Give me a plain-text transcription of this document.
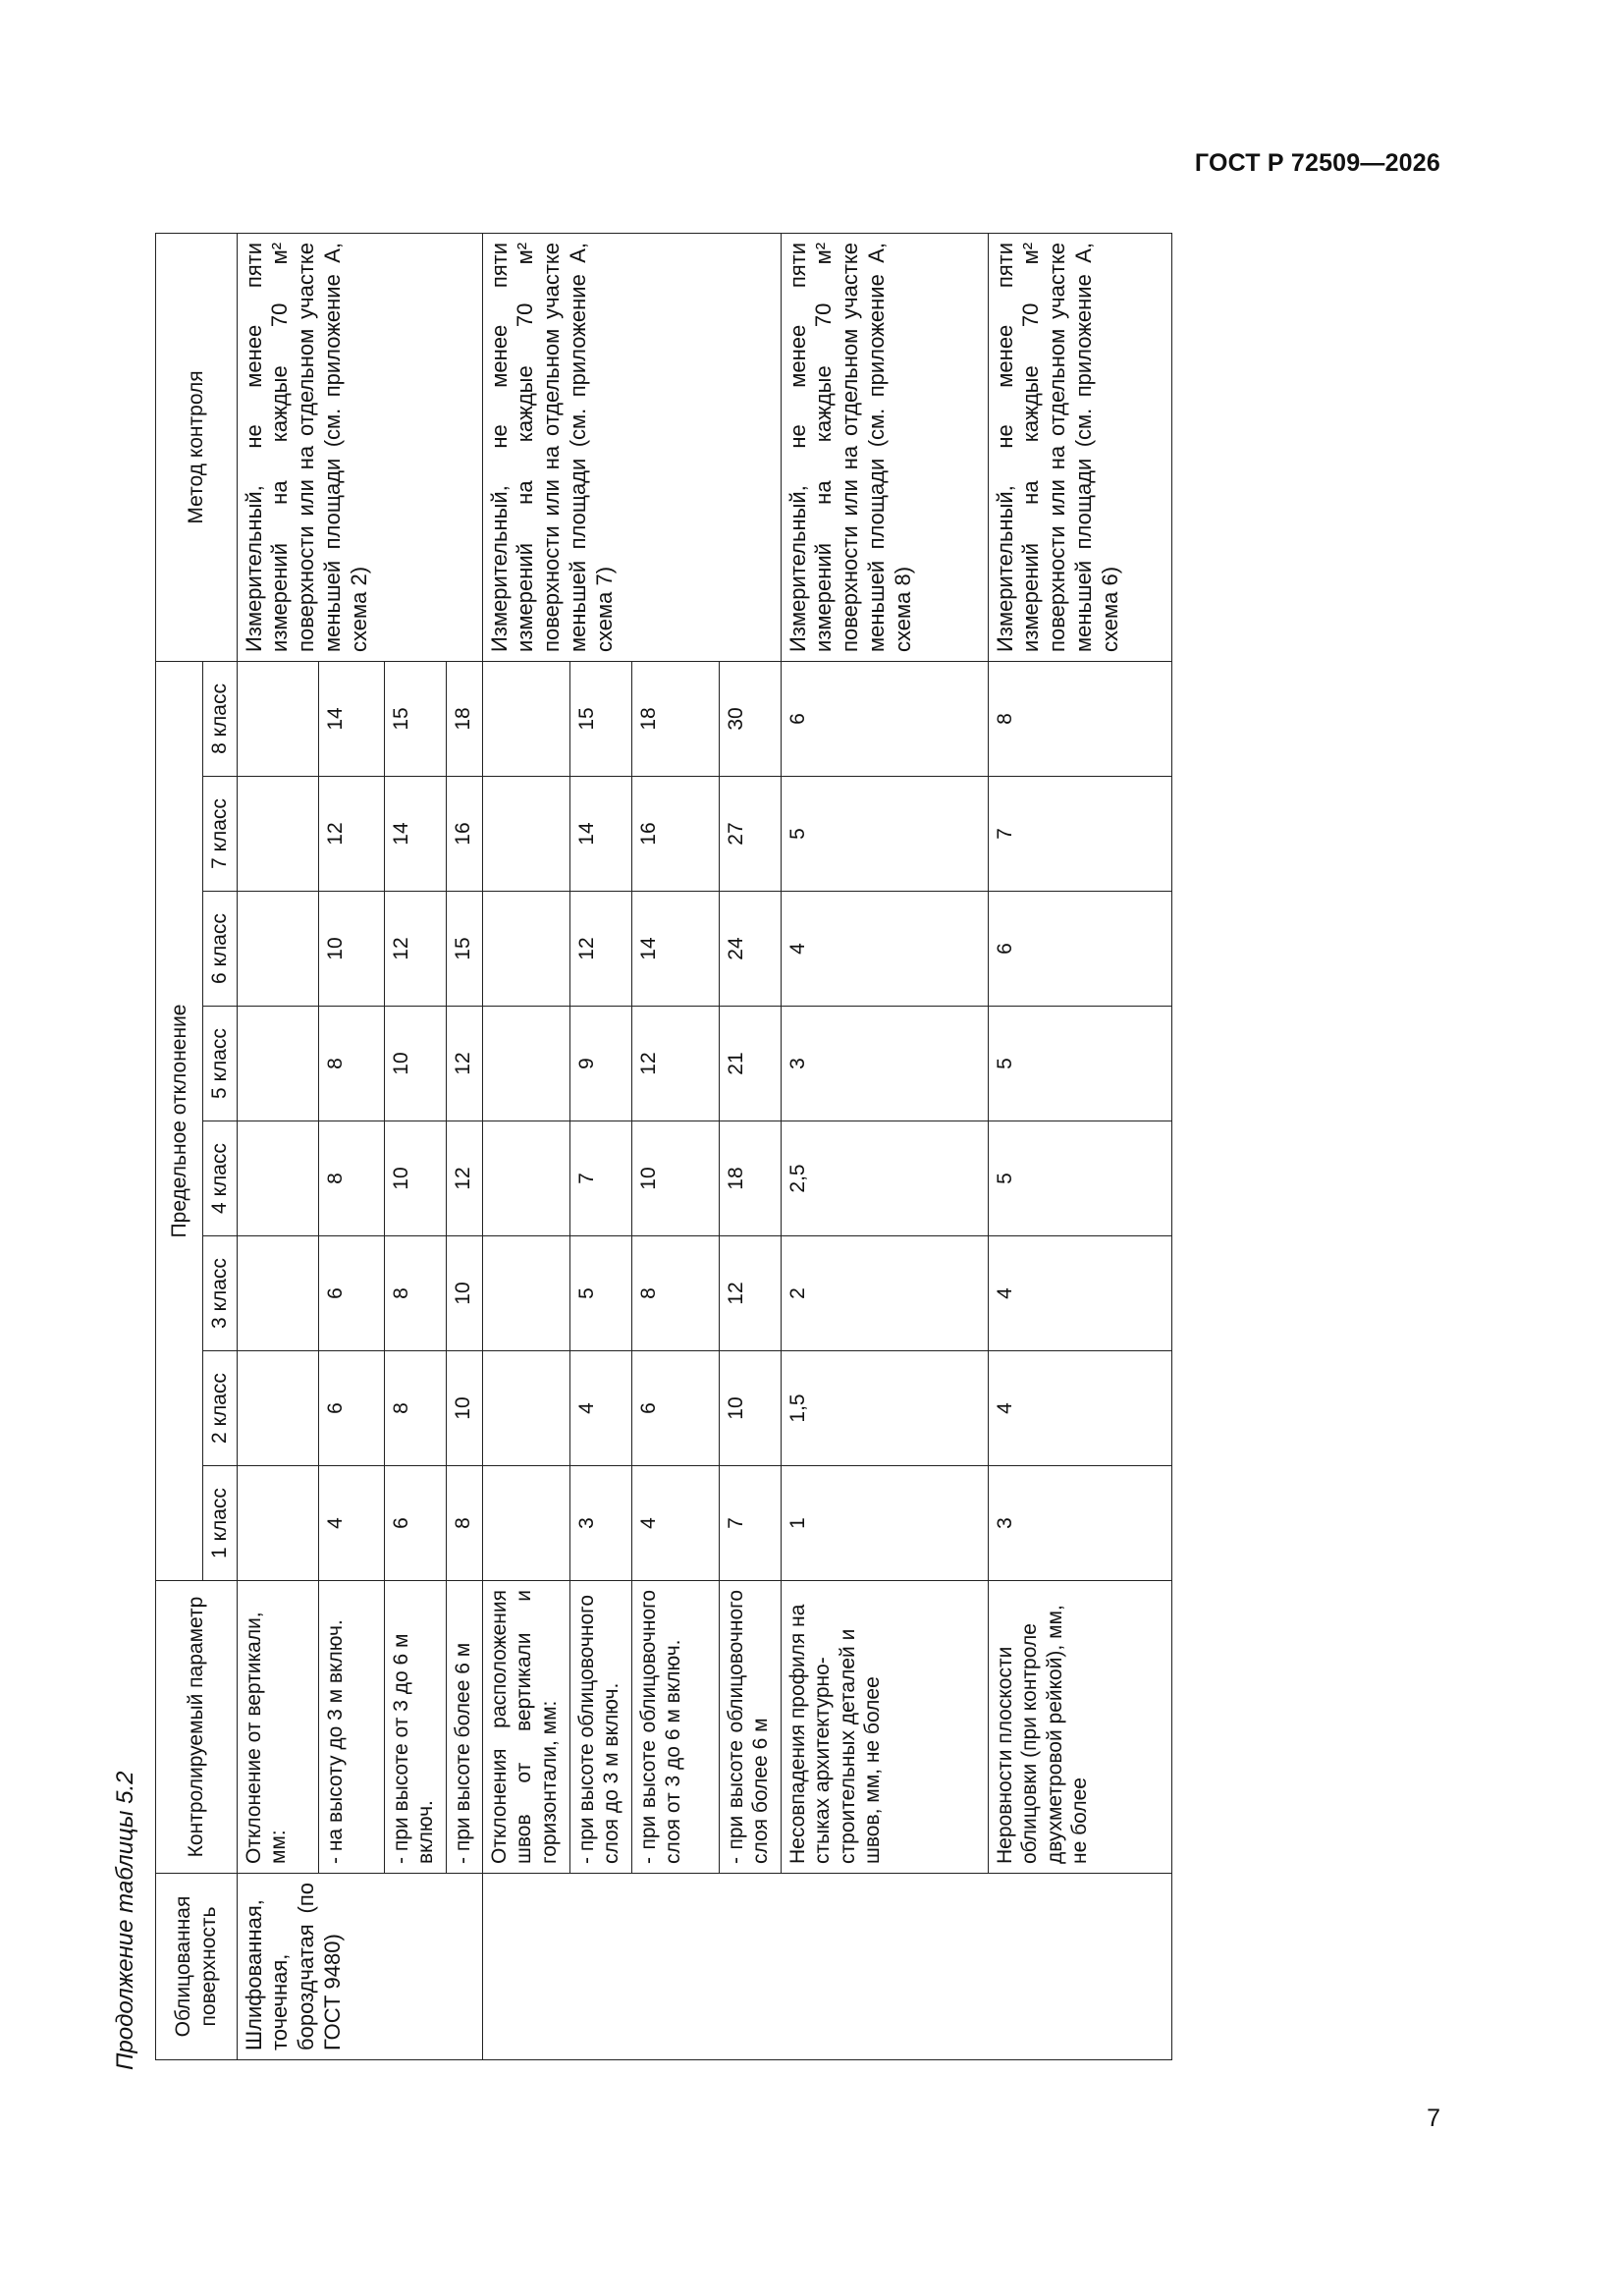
ГОСТ Р 72509—2026
7
Продолжение таблицы 5.2 Облицованная поверхность	Контролируемый параметр	Предельное отклонение								Метод контроля
		1 класс	2 класс	3 класс	4 класс	5 класс	6 класс	7 класс	8 класс	
Шлифованная, точечная, бороздчатая (по ГОСТ 9480)	Отклонение от вертикали, мм:									Измерительный, не менее пяти измерений на каждые 70 м² поверхности или на отдельном участке меньшей площади (см. приложение А, схема 2)
	- на высоту до 3 м включ.	4	6	6	8	8	10	12	14	
	- при высоте от 3 до 6 м включ.	6	8	8	10	10	12	14	15	
	- при высоте более 6 м	8	10	10	12	12	15	16	18	
	Отклонения расположения швов от вертикали и горизонтали, мм:									Измерительный, не менее пяти измерений на каждые 70 м² поверхности или на отдельном участке меньшей площади (см. приложение А, схема 7)
	- при высоте облицовочного слоя до 3 м включ.	3	4	5	7	9	12	14	15	
	- при высоте облицовочного слоя от 3 до 6 м включ.	4	6	8	10	12	14	16	18	
	- при высоте облицовочного слоя более 6 м	7	10	12	18	21	24	27	30	
	Несовпадения профиля на стыках архитектурно-строительных деталей и швов, мм, не более	1	1,5	2	2,5	3	4	5	6	Измерительный, не менее пяти измерений на каждые 70 м² поверхности или на отдельном участке меньшей площади (см. приложение А, схема 8)
	Неровности плоскости облицовки (при контроле двухметровой рейкой), мм, не более	3	4	4	5	5	6	7	8	Измерительный, не менее пяти измерений на каждые 70 м² поверхности или на отдельном участке меньшей площади (см. приложение А, схема 6)
